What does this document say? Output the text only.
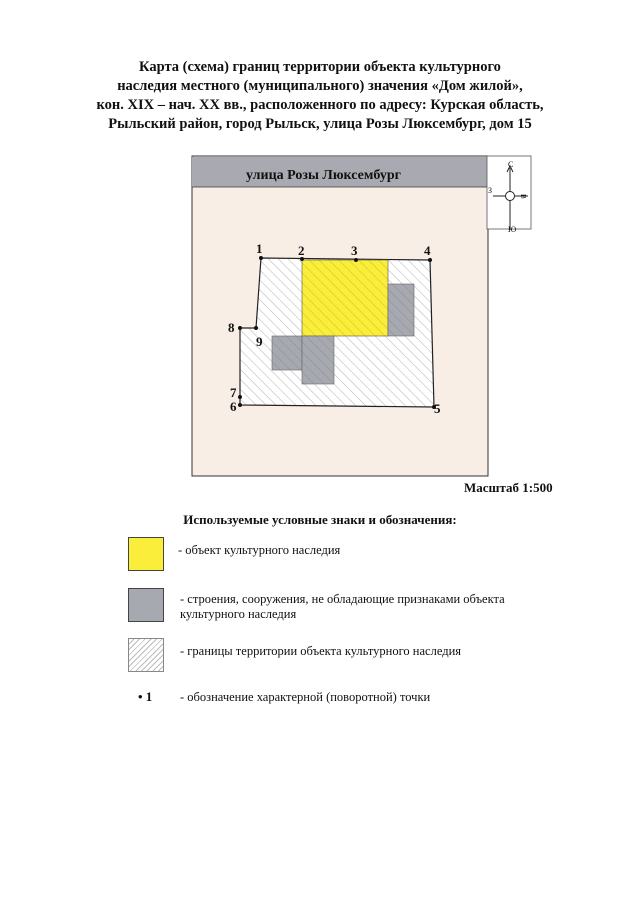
Карта (схема) границ территории объекта культурного
наследия местного (муниципального) значения «Дом жилой»,
кон. XIX – нач. XX вв., расположенного по адресу: Курская область,
Рыльский район, город Рыльск, улица Розы Люксембург, дом 15
улица Розы Люксембург
С
Ю
З
В
1	2	3	4
5
6
7
8
9
Масштаб 1:500
Используемые условные знаки и обозначения:
- объект культурного наследия
- строения, сооружения, не обладающие признаками объекта культурного наследия
- границы территории объекта культурного наследия
• 1 - обозначение характерной (поворотной) точки
